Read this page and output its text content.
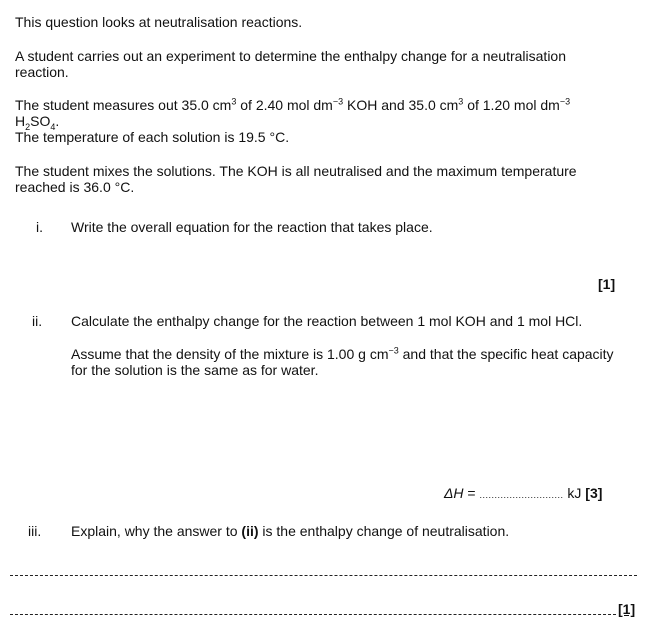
This question looks at neutralisation reactions.
A student carries out an experiment to determine the enthalpy change for a neutralisation
reaction.
The student measures out 35.0 $cm^3$ of 2.40 mol $dm^{-3}$ KOH and 35.0 $cm^3$ of 1.20 mol $dm^{-3}$
$H_2SO_4$.
The temperature of each solution is 19.5 °C.
The student mixes the solutions. The KOH is all neutralised and the maximum temperature
reached is 36.0 °C.
i. Write the overall equation for the reaction that takes place.
[1]
ii. Calculate the enthalpy change for the reaction between 1 mol KOH and 1 mol HCl.
Assume that the density of the mixture is 1.00 g $cm^{-3}$ and that the specific heat capacity
for the solution is the same as for water.
ΔH = ............................ kJ [3]
iii. Explain, why the answer to (ii) is the enthalpy change of neutralisation.
[1]
